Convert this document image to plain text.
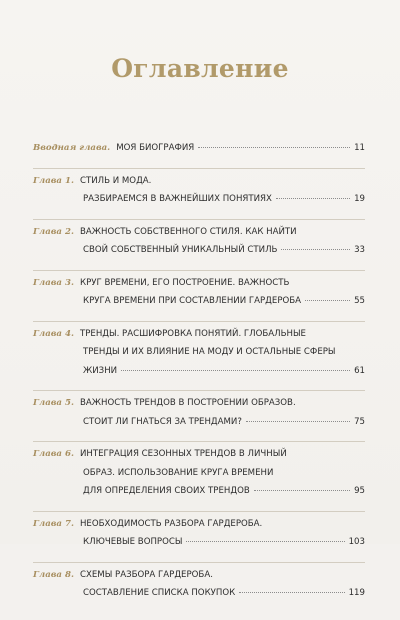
Оглавление
Вводная глава. МОЯ БИОГРАФИЯ	11
Глава 1. СТИЛЬ И МОДА.
РАЗБИРАЕМСЯ В ВАЖНЕЙШИХ ПОНЯТИЯХ	19
Глава 2. ВАЖНОСТЬ СОБСТВЕННОГО СТИЛЯ. КАК НАЙТИ
СВОЙ СОБСТВЕННЫЙ УНИКАЛЬНЫЙ СТИЛЬ	33
Глава 3. КРУГ ВРЕМЕНИ, ЕГО ПОСТРОЕНИЕ. ВАЖНОСТЬ
КРУГА ВРЕМЕНИ ПРИ СОСТАВЛЕНИИ ГАРДЕРОБА	55
Глава 4. ТРЕНДЫ. РАСШИФРОВКА ПОНЯТИЙ. ГЛОБАЛЬНЫЕ
ТРЕНДЫ И ИХ ВЛИЯНИЕ НА МОДУ И ОСТАЛЬНЫЕ СФЕРЫ
ЖИЗНИ	61
Глава 5. ВАЖНОСТЬ ТРЕНДОВ В ПОСТРОЕНИИ ОБРАЗОВ.
СТОИТ ЛИ ГНАТЬСЯ ЗА ТРЕНДАМИ?	75
Глава 6. ИНТЕГРАЦИЯ СЕЗОННЫХ ТРЕНДОВ В ЛИЧНЫЙ
ОБРАЗ. ИСПОЛЬЗОВАНИЕ КРУГА ВРЕМЕНИ
ДЛЯ ОПРЕДЕЛЕНИЯ СВОИХ ТРЕНДОВ	95
Глава 7. НЕОБХОДИМОСТЬ РАЗБОРА ГАРДЕРОБА.
КЛЮЧЕВЫЕ ВОПРОСЫ	103
Глава 8. СХЕМЫ РАЗБОРА ГАРДЕРОБА.
СОСТАВЛЕНИЕ СПИСКА ПОКУПОК	119
